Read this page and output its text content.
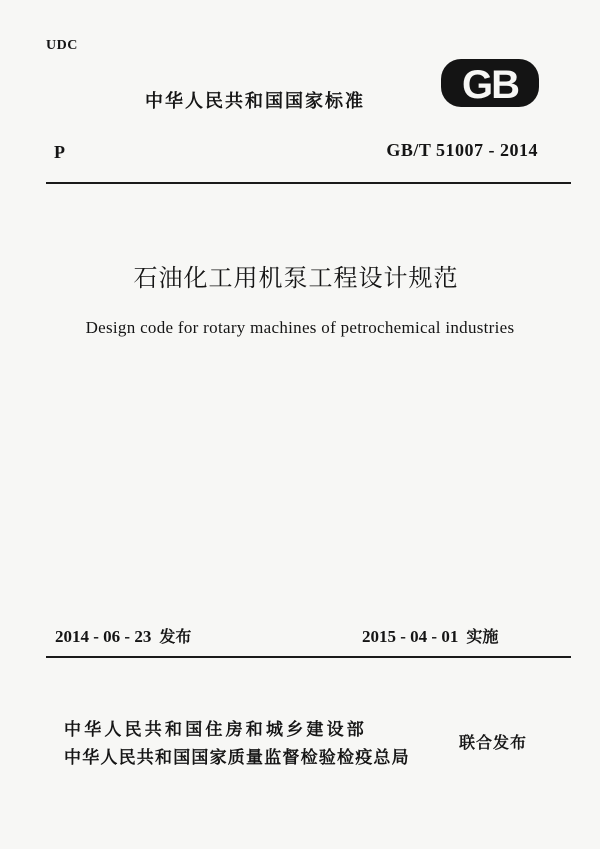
UDC
中华人民共和国国家标准 GB
P	GB/T 51007 - 2014
石油化工用机泵工程设计规范
Design code for rotary machines of petrochemical industries
2014 - 06 - 23 发布	2015 - 04 - 01 实施
中华人民共和国住房和城乡建设部
中华人民共和国国家质量监督检验检疫总局
联合发布
